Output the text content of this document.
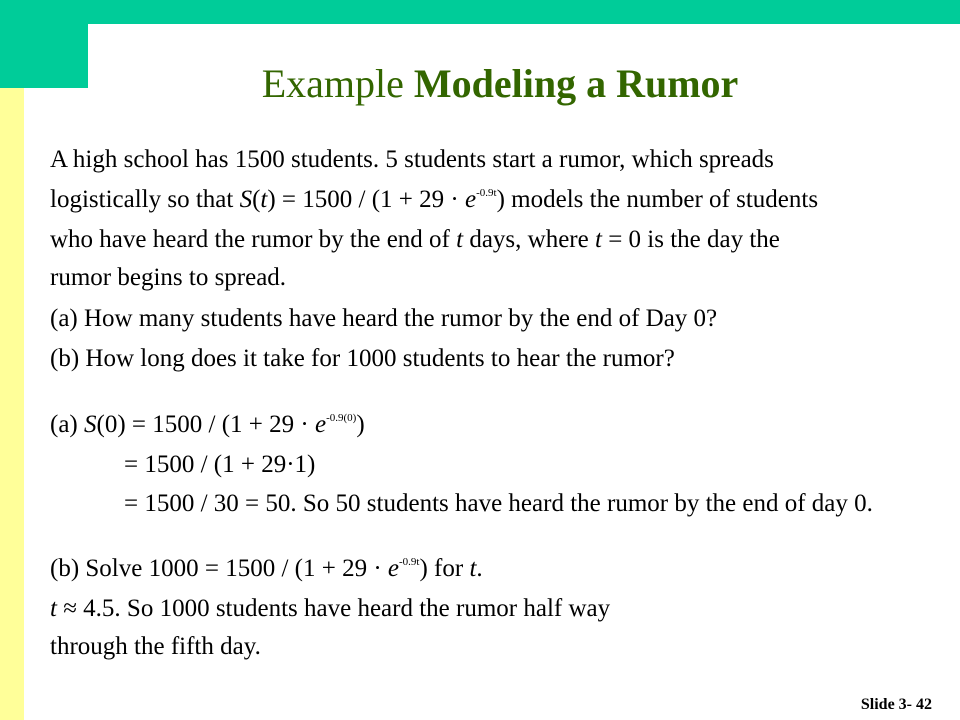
Example Modeling a Rumor
A high school has 1500 students. 5 students start a rumor, which spreads
logistically so that $S(t) = 1500 / (1 + 29 \cdot e^{-0.9t})$ models the number of students
who have heard the rumor by the end of t days, where t = 0 is the day the
rumor begins to spread.
(a) How many students have heard the rumor by the end of Day 0?
(b) How long does it take for 1000 students to hear the rumor?
(a) $S(0) = 1500 / (1 + 29 \cdot e^{-0.9(0)})$
= 1500 / (1 + 29·1)
= 1500 / 30 = 50. So 50 students have heard the rumor by the end of day 0.
(b) Solve $1000 = 1500 / (1 + 29 \cdot e^{-0.9t})$ for t.
t ≈ 4.5. So 1000 students have heard the rumor half way
through the fifth day.
Slide 3- 42
